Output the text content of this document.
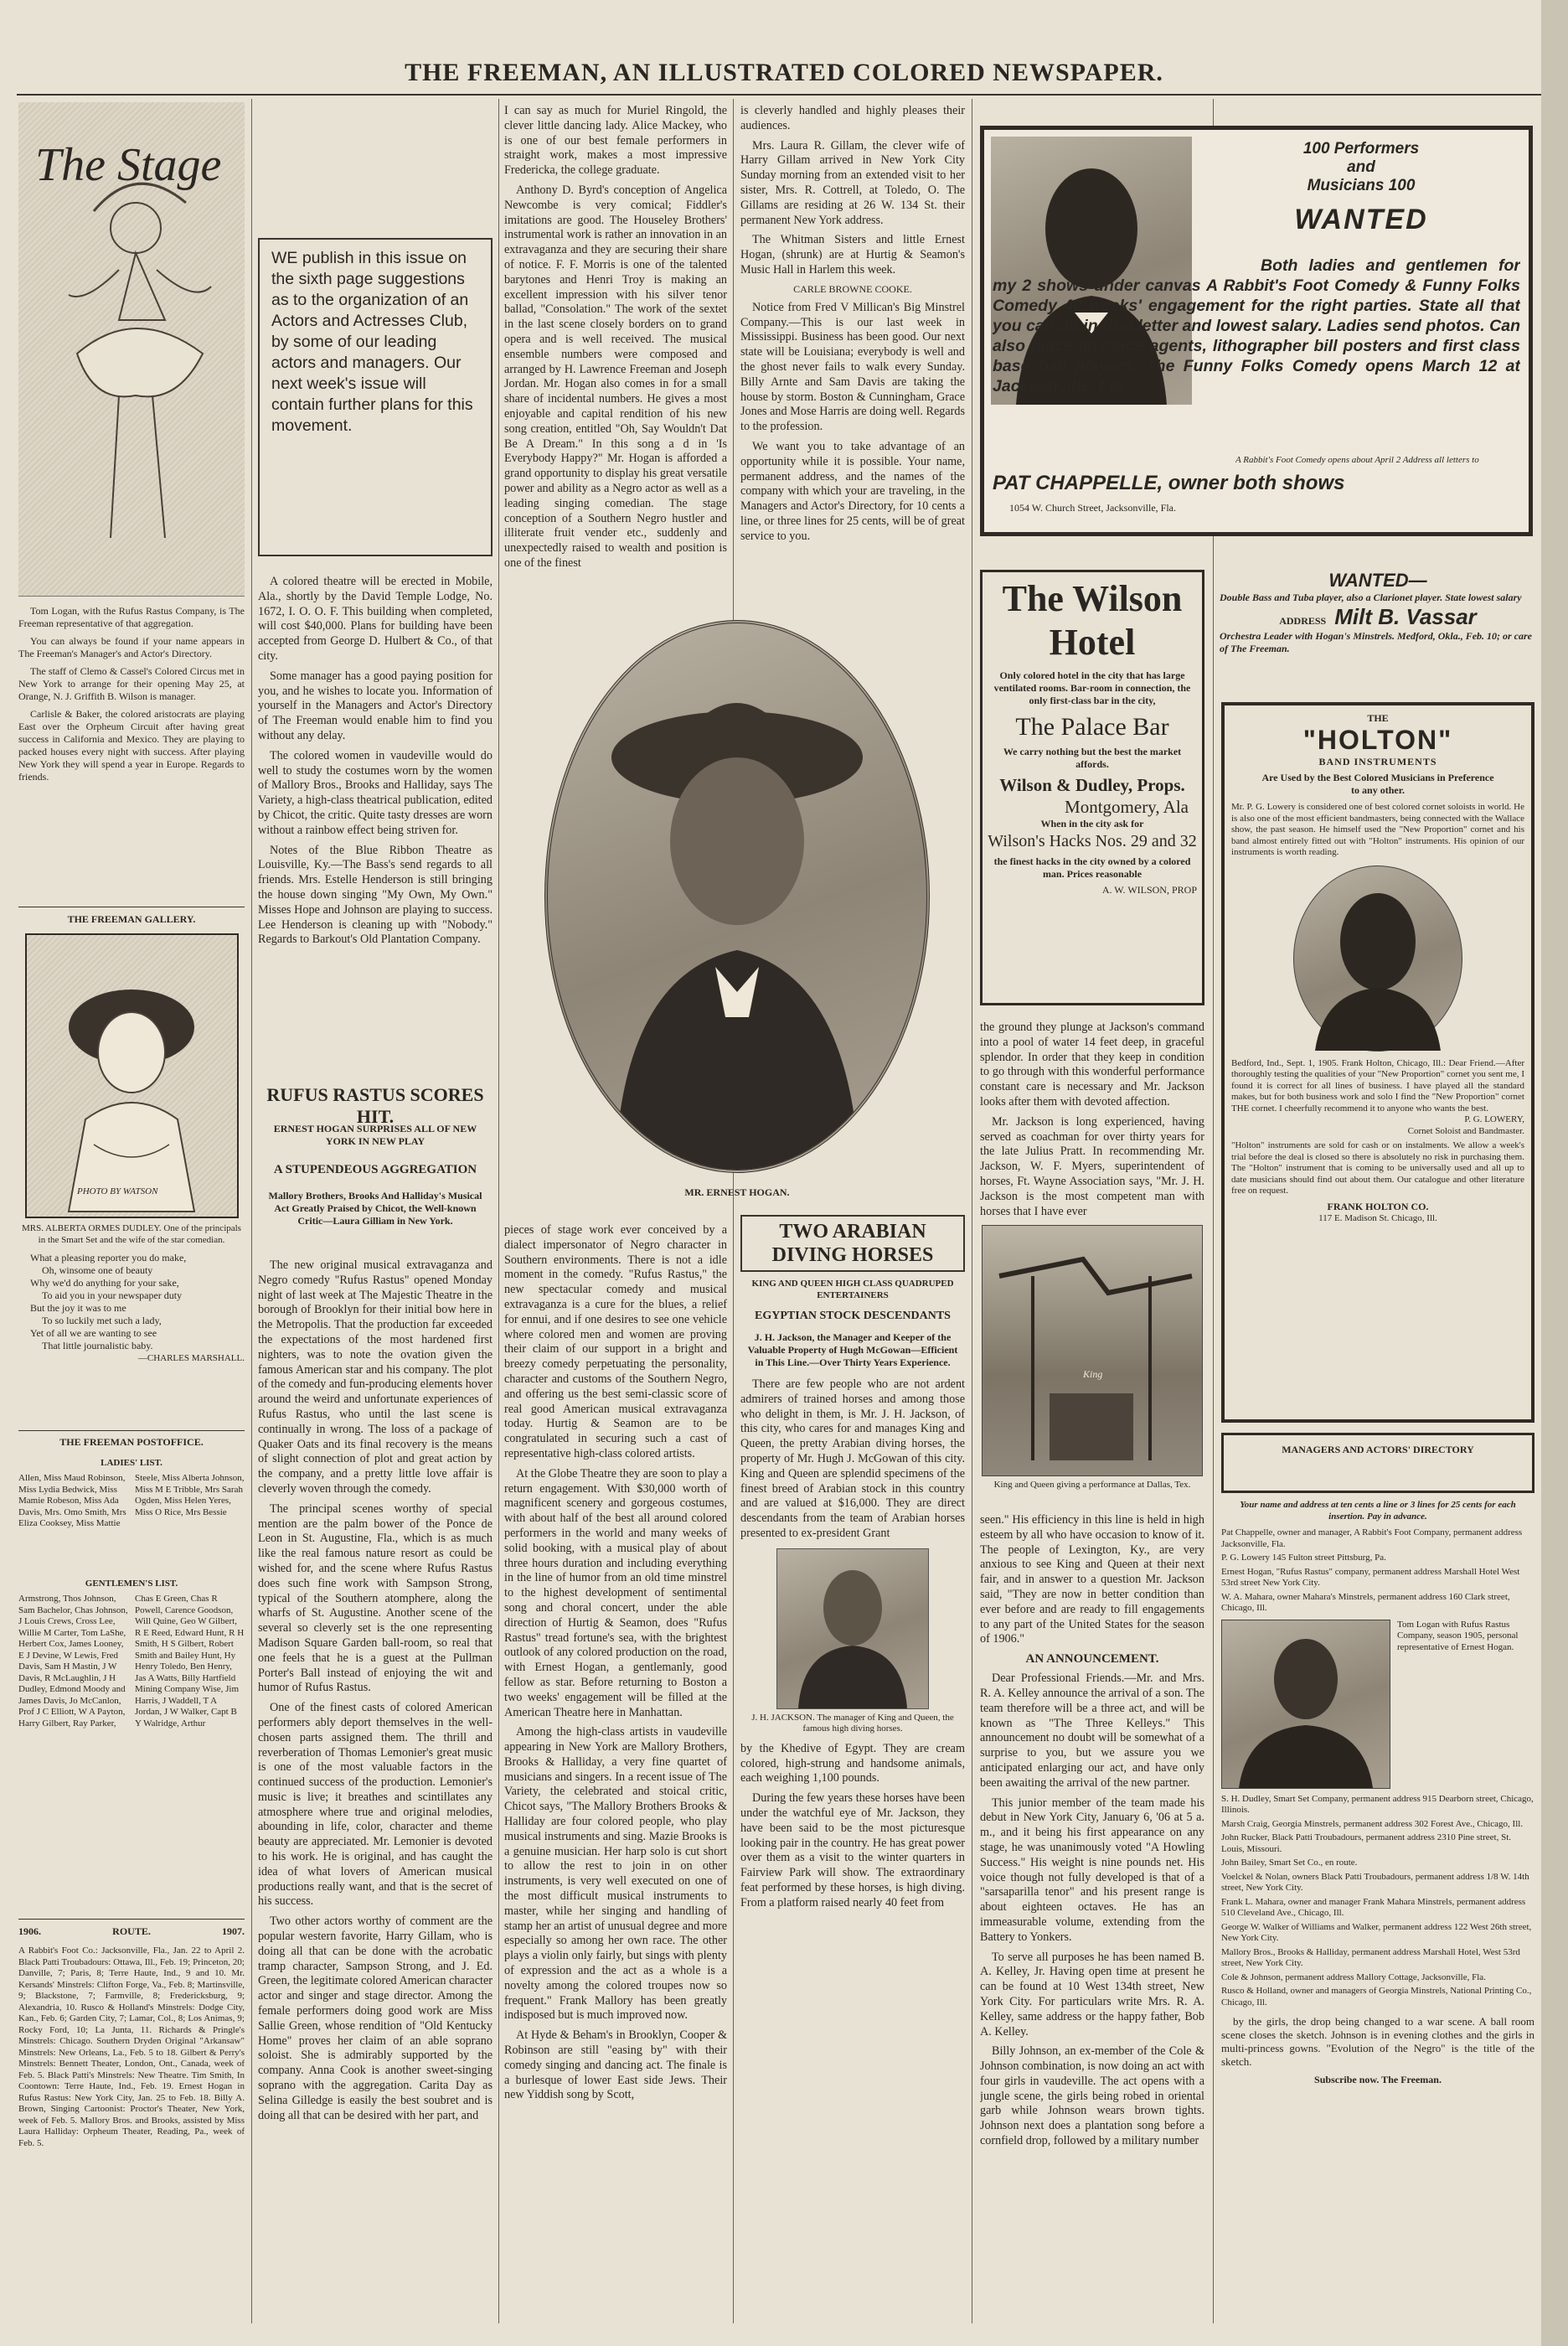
THE FREEMAN, AN ILLUSTRATED COLORED NEWSPAPER.
The Stage

Tom Logan, with the Rufus Rastus Company, is The Freeman representative of that aggregation.

You can always be found if your name appears in The Freeman's Manager's and Actor's Directory.

The staff of Clemo & Cassel's Colored Circus met in New York to arrange for their opening May 25, at Orange, N. J. Griffith B. Wilson is manager.

Carlisle & Baker, the colored aristocrats are playing East over the Orpheum Circuit after having great success in California and Mexico. They are playing to packed houses every night with success. After playing New York they will spend a year in Europe. Regards to friends.

THE FREEMAN GALLERY.
PHOTO BY WATSON
MRS. ALBERTA ORMES DUDLEY. One of the principals in the Smart Set and the wife of the star comedian.
What a pleasing reporter you do make,
Oh, winsome one of beauty
Why we'd do anything for your sake,
To aid you in your newspaper duty
But the joy it was to me
To so luckily met such a lady,
Yet of all we are wanting to see
That little journalistic baby.
—CHARLES MARSHALL.
THE FREEMAN POSTOFFICE.
LADIES' LIST.
Allen, Miss Maud Robinson, Miss Lydia Bedwick, Miss Mamie Robeson, Miss Ada Davis, Mrs. Omo Smith, Mrs Eliza Cooksey, Miss Mattie Steele, Miss Alberta Johnson, Miss M E Tribble, Mrs Sarah Ogden, Miss Helen Yeres, Miss O Rice, Mrs Bessie
GENTLEMEN'S LIST.
Armstrong, Thos Johnson, Sam Bachelor, Chas Johnson, J Louis Crews, Cross Lee, Willie M Carter, Tom LaShe, Herbert Cox, James Looney, E J Devine, W Lewis, Fred Davis, Sam H Mastin, J W Davis, R McLaughlin, J H Dudley, Edmond Moody and James Davis, Jo McCanlon, Prof J C Elliott, W A Payton, Harry Gilbert, Ray Parker, Chas E Green, Chas R Powell, Carence Goodson, Will Quine, Geo W Gilbert, R E Reed, Edward Hunt, R H Smith, H S Gilbert, Robert Smith and Bailey Hunt, Hy Henry Toledo, Ben Henry, Jas A Watts, Billy Hartfield Mining Company Wise, Jim Harris, J Waddell, T A Jordan, J W Walker, Capt B Y Walridge, Arthur
1906.	ROUTE.	1907.
A Rabbit's Foot Co.: Jacksonville, Fla., Jan. 22 to April 2. Black Patti Troubadours: Ottawa, Ill., Feb. 19; Princeton, 20; Danville, 7; Paris, 8; Terre Haute, Ind., 9 and 10. Mr. Kersands' Minstrels: Clifton Forge, Va., Feb. 8; Martinsville, 9; Blackstone, 7; Farmville, 8; Fredericksburg, 9; Alexandria, 10. Rusco & Holland's Minstrels: Dodge City, Kan., Feb. 6; Garden City, 7; Lamar, Col., 8; Los Animas, 9; Rocky Ford, 10; La Junta, 11. Richards & Pringle's Minstrels: Chicago. Southern Dryden Original "Arkansaw" Minstrels: New Orleans, La., Feb. 5 to 18. Gilbert & Perry's Minstrels: Bennett Theater, London, Ont., Canada, week of Feb. 5. Black Patti's Minstrels: New Theatre. Tim Smith, In Coontown: Terre Haute, Ind., Feb. 19. Ernest Hogan in Rufus Rastus: New York City, Jan. 25 to Feb. 18. Billy A. Brown, Singing Cartoonist: Proctor's Theater, New York, week of Feb. 5. Mallory Bros. and Brooks, assisted by Miss Laura Halliday: Orpheum Theater, Reading, Pa., week of Feb. 5.

WE publish in this issue on the sixth page suggestions as to the organization of an Actors and Actresses Club, by some of our leading actors and managers. Our next week's issue will contain further plans for this movement.

A colored theatre will be erected in Mobile, Ala., shortly by the David Temple Lodge, No. 1672, I. O. O. F. This building when completed, will cost $40,000. Plans for building have been accepted from George D. Hulbert & Co., of that city.

Some manager has a good paying position for you, and he wishes to locate you. Information of yourself in the Managers and Actor's Directory of The Freeman would enable him to find you without any delay.

The colored women in vaudeville would do well to study the costumes worn by the women of Mallory Bros., Brooks and Halliday, says The Variety, a high-class theatrical publication, edited by Chicot, the critic. Quite tasty dresses are worn without a rainbow effect being striven for.

Notes of the Blue Ribbon Theatre as Louisville, Ky.—The Bass's send regards to all friends. Mrs. Estelle Henderson is still bringing the house down singing "My Own, My Own." Misses Hope and Johnson are playing to success. Lee Henderson is cleaning up with "Nobody." Regards to Barkout's Old Plantation Company.

RUFUS RASTUS SCORES HIT.
ERNEST HOGAN SURPRISES ALL OF NEW YORK IN NEW PLAY
A STUPENDEOUS AGGREGATION
Mallory Brothers, Brooks And Halliday's Musical Act Greatly Praised by Chicot, the Well-known Critic—Laura Gilliam in New York.

The new original musical extravaganza and Negro comedy "Rufus Rastus" opened Monday night of last week at The Majestic Theatre in the borough of Brooklyn for their initial bow here in the Metropolis. That the production far exceeded the expectations of the most hardened first nighters, was to note the ovation given the famous American star and his company. The plot of the comedy and fun-producing elements hover around the weird and unfortunate experiences of Rufus Rastus, who until the last scene is continually in wrong. The loss of a package of Quaker Oats and its final recovery is the means of slight connection of plot and great action by the company, and a pretty little love affair is cleverly woven through the comedy.

The principal scenes worthy of special mention are the palm bower of the Ponce de Leon in St. Augustine, Fla., which is as much like the real famous nature resort as could be wished for, and the scene where Rufus Rastus does such fine work with Sampson Strong, typical of the Southern atomphere, along the wharfs of St. Augustine. Another scene of the several so cleverly set is the one representing Madison Square Garden ball-room, so real that one feels that he is a guest at the Pullman Porter's Ball instead of enjoying the wit and humor of Rufus Rastus.

One of the finest casts of colored American performers ably deport themselves in the well-chosen parts assigned them. The thrill and reverberation of Thomas Lemonier's great music is one of the most valuable factors in the continued success of the production. Lemonier's music is live; it breathes and scintillates any atmosphere where true and original melodies, abounding in life, color, character and theme beauty are appreciated. Mr. Lemonier is devoted to his work. He is original, and has caught the idea of what lovers of American musical productions really want, and that is the secret of his success.

Two other actors worthy of comment are the popular western favorite, Harry Gillam, who is doing all that can be done with the acrobatic tramp character, Sampson Strong, and J. Ed. Green, the legitimate colored American character actor and singer and stage director. Among the female performers doing good work are Miss Sallie Green, whose rendition of "Old Kentucky Home" proves her claim of an able soprano soloist. She is admirably supported by the company. Anna Cook is another sweet-singing soprano with the aggregation. Carita Day as Selina Gilledge is easily the best soubret and is doing all that can be desired with her part, and

I can say as much for Muriel Ringold, the clever little dancing lady. Alice Mackey, who is one of our best female performers in straight work, makes a most impressive Fredericka, the college graduate.

Anthony D. Byrd's conception of Angelica Newcombe is very comical; Fiddler's imitations are good. The Houseley Brothers' instrumental work is rather an innovation in an extravaganza and they are securing their share of notice. F. F. Morris is one of the talented barytones and Henri Troy is making an excellent impression with his silver tenor ballad, "Consolation." The work of the sextet in the last scene closely borders on to grand opera and is well received. The musical ensemble numbers were composed and arranged by H. Lawrence Freeman and Joseph Jordan. Mr. Hogan also comes in for a small share of incidental numbers. He gives a most enjoyable and capital rendition of his new song creation, entitled "Oh, Say Wouldn't Dat Be A Dream." In this song a d in 'Is Everybody Happy?" Mr. Hogan is afforded a grand opportunity to display his great versatile power and ability as a Negro actor as well as a leading singing comedian. The stage conception of a Southern Negro hustler and illiterate fruit vender etc., suddenly and unexpectedly raised to wealth and position is one of the finest

MR. ERNEST HOGAN.

pieces of stage work ever conceived by a dialect impersonator of Negro character in Southern environments. There is not a idle moment in the comedy. "Rufus Rastus," the new spectacular comedy and musical extravaganza is a cure for the blues, a relief for ennui, and if one desires to see one vehicle where colored men and women are proving their claim of our support in a bright and breezy comedy perpetuating the personality, character and customs of the Southern Negro, and offering us the best semi-classic score of real good American musical extravaganza today. Hurtig & Seamon are to be congratulated in securing such a cast of representative high-class colored artists.

At the Globe Theatre they are soon to play a return engagement. With $30,000 worth of magnificent scenery and gorgeous costumes, with about half of the best all around colored performers in the world and many weeks of solid booking, with a musical play of about three hours duration and including everything in the line of humor from an old time minstrel to the highest development of sentimental song and choral concert, under the able direction of Hurtig & Seamon, does "Rufus Rastus" tread fortune's sea, with the brightest outlook of any colored production on the road, with Ernest Hogan, a gentlemanly, good fellow as star. Before returning to Boston a two weeks' engagement will be filled at the American Theatre here in Manhattan.

Among the high-class artists in vaudeville appearing in New York are Mallory Brothers, Brooks & Halliday, a very fine quartet of musicians and singers. In a recent issue of The Variety, the celebrated and stoical critic, Chicot says, "The Mallory Brothers Brooks & Halliday are four colored people, who play musical instruments and sing. Mazie Brooks is a genuine musician. Her harp solo is cut short to allow the rest to join in on other instruments, is very well executed on one of the most difficult musical instruments to master, while her singing and handling of stamp her an artist of unusual degree and more especially so among her own race. The other plays a violin only fairly, but sings with plenty of expression and the act as a whole is a novelty among the colored troupes now so frequent." Frank Mallory has been greatly indisposed but is much improved now.

At Hyde & Beham's in Brooklyn, Cooper & Robinson are still "easing by" with their comedy singing and dancing act. The finale is a burlesque of lower East side Jews. Their new Yiddish song by Scott,

is cleverly handled and highly pleases their audiences.

Mrs. Laura R. Gillam, the clever wife of Harry Gillam arrived in New York City Sunday morning from an extended visit to her sister, Mrs. R. Cottrell, at Toledo, O. The Gillams are residing at 26 W. 134 St. their permanent New York address.

The Whitman Sisters and little Ernest Hogan, (shrunk) are at Hurtig & Seamon's Music Hall in Harlem this week.

CARLE BROWNE COOKE.

Notice from Fred V Millican's Big Minstrel Company.—This is our last week in Mississippi. Business has been good. Our next state will be Louisiana; everybody is well and the ghost never fails to walk every Sunday. Billy Arnte and Sam Davis are taking the house by storm. Boston & Cunningham, Grace Jones and Mose Harris are doing well. Regards to the profession.

We want you to take advantage of an opportunity while it is possible. Your name, permanent address, and the names of the company with which your are traveling, in the Managers and Actor's Directory, for 10 cents a line, or three lines for 25 cents, will be of great service to you.

TWO ARABIAN DIVING HORSES
KING AND QUEEN HIGH CLASS QUADRUPED ENTERTAINERS
EGYPTIAN STOCK DESCENDANTS
J. H. Jackson, the Manager and Keeper of the Valuable Property of Hugh McGowan—Efficient in This Line.—Over Thirty Years Experience.

There are few people who are not ardent admirers of trained horses and among those who delight in them, is Mr. J. H. Jackson, of this city, who cares for and manages King and Queen, the pretty Arabian diving horses, the property of Mr. Hugh J. McGowan of this city. King and Queen are splendid specimens of the finest breed of Arabian stock in this country and are valued at $16,000. They are direct descendants from the team of Arabian horses presented to ex-president Grant

J. H. JACKSON. The manager of King and Queen, the famous high diving horses.

by the Khedive of Egypt. They are cream colored, high-strung and handsome animals, each weighing 1,100 pounds.

During the few years these horses have been under the watchful eye of Mr. Jackson, they have been said to be the most picturesque looking pair in the country. He has great power over them as a visit to the winter quarters in Fairview Park will show. The extraordinary feat performed by these horses, is high diving. From a platform raised nearly 40 feet from

100 Performers
and
Musicians 100
WANTED
Both ladies and gentlemen for my 2 shows under canvas A Rabbit's Foot Comedy & Funny Folks Comedy 40 weeks' engagement for the right parties. State all that you can do in first letter and lowest salary. Ladies send photos. Can also place advance agents, lithographer bill posters and first class base ball players. The Funny Folks Comedy opens March 12 at Jacksonville, Fla.
A Rabbit's Foot Comedy opens about April 2 Address all letters to
PAT CHAPPELLE, owner both shows
1054 W. Church Street, Jacksonville, Fla.
The Wilson Hotel
Only colored hotel in the city that has large ventilated rooms. Bar-room in connection, the only first-class bar in the city,
The Palace Bar
We carry nothing but the best the market affords.
Wilson & Dudley, Props.
Montgomery, Ala
When in the city ask for
Wilson's Hacks Nos. 29 and 32
the finest hacks in the city owned by a colored man. Prices reasonable
A. W. WILSON, PROP

the ground they plunge at Jackson's command into a pool of water 14 feet deep, in graceful splendor. In order that they keep in condition to go through with this wonderful performance constant care is necessary and Mr. Jackson looks after them with devoted affection.

Mr. Jackson is long experienced, having served as coachman for over thirty years for the late Julius Pratt. In recommending Mr. Jackson, W. F. Myers, superintendent of horses, Ft. Wayne Association says, "Mr. J. H. Jackson is the most competent man with horses that I have ever

King
King and Queen giving a performance at Dallas, Tex.

seen." His efficiency in this line is held in high esteem by all who have occasion to know of it. The people of Lexington, Ky., are very anxious to see King and Queen at their next fair, and in answer to a question Mr. Jackson said, "They are now in better condition than ever before and are ready to fill engagements to any part of the United States for the season of 1906."

AN ANNOUNCEMENT.

Dear Professional Friends.—Mr. and Mrs. R. A. Kelley announce the arrival of a son. The team therefore will be a three act, and will be known as "The Three Kelleys." This announcement no doubt will be somewhat of a surprise to you, but we assure you we anticipated enlarging our act, and have only been awaiting the arrival of the new partner.

This junior member of the team made his debut in New York City, January 6, '06 at 5 a. m., and it being his first appearance on any stage, he was unanimously voted "A Howling Success." His weight is nine pounds net. His voice though not fully developed is that of a "sarsaparilla tenor" and his present range is about eighteen octaves. He has an immeasurable volume, extending from the Battery to Yonkers.

To serve all purposes he has been named B. A. Kelley, Jr. Having open time at present he can be found at 10 West 134th street, New York City. For particulars write Mrs. R. A. Kelley, same address or the happy father, Bob A. Kelley.

Billy Johnson, an ex-member of the Cole & Johnson combination, is now doing an act with four girls in vaudeville. The act opens with a jungle scene, the girls being robed in oriental garb while Johnson wears brown tights. Johnson next does a plantation song before a cornfield drop, followed by a military number

WANTED—
Double Bass and Tuba player, also a Clarionet player. State lowest salary
ADDRESS Milt B. Vassar
Orchestra Leader with Hogan's Minstrels. Medford, Okla., Feb. 10; or care of The Freeman.
THE
"HOLTON"
BAND INSTRUMENTS
Are Used by the Best Colored Musicians in Preference to any other.
Mr. P. G. Lowery is considered one of best colored cornet soloists in world. He is also one of the most efficient bandmasters, being connected with the Wallace show, the past season. He himself used the "New Proportion" cornet and his band almost entirely fitted out with "Holton" instruments. His opinion of our instruments is worth reading.
Bedford, Ind., Sept. 1, 1905. Frank Holton, Chicago, Ill.: Dear Friend.—After thoroughly testing the qualities of your "New Proportion" cornet you sent me, I found it is correct for all lines of business. I have played all the standard makes, but for both business work and solo I find the "New Proportion" cornet THE cornet. I cheerfully recommend it to anyone who wants the best.
P. G. LOWERY,
Cornet Soloist and Bandmaster.
"Holton" instruments are sold for cash or on instalments. We allow a week's trial before the deal is closed so there is absolutely no risk in purchasing them. The "Holton" instrument that is coming to be universally used and all up to date musicians should find out about them. Our catalogue and other literature free on request.
FRANK HOLTON CO.
117 E. Madison St. Chicago, Ill.
MANAGERS AND ACTORS' DIRECTORY
Your name and address at ten cents a line or 3 lines for 25 cents for each insertion. Pay in advance.
Pat Chappelle, owner and manager, A Rabbit's Foot Company, permanent address Jacksonville, Fla.
P. G. Lowery 145 Fulton street Pittsburg, Pa.
Ernest Hogan, "Rufus Rastus" company, permanent address Marshall Hotel West 53rd street New York City.
W. A. Mahara, owner Mahara's Minstrels, permanent address 160 Clark street, Chicago, Ill.
Tom Logan with Rufus Rastus Company, season 1905, personal representative of Ernest Hogan.
S. H. Dudley, Smart Set Company, permanent address 915 Dearborn street, Chicago, Illinois.
Marsh Craig, Georgia Minstrels, permanent address 302 Forest Ave., Chicago, Ill.
John Rucker, Black Patti Troubadours, permanent address 2310 Pine street, St. Louis, Missouri.
John Bailey, Smart Set Co., en route.
Voelckel & Nolan, owners Black Patti Troubadours, permanent address 1/8 W. 14th street, New York City.
Frank L. Mahara, owner and manager Frank Mahara Minstrels, permanent address 510 Cleveland Ave., Chicago, Ill.
George W. Walker of Williams and Walker, permanent address 122 West 26th street, New York City.
Mallory Bros., Brooks & Halliday, permanent address Marshall Hotel, West 53rd street, New York City.
Cole & Johnson, permanent address Mallory Cottage, Jacksonville, Fla.
Rusco & Holland, owner and managers of Georgia Minstrels, National Printing Co., Chicago, Ill.

by the girls, the drop being changed to a war scene. A ball room scene closes the sketch. Johnson is in evening clothes and the girls in multi-princess gowns. "Evolution of the Negro" is the title of the sketch.

Subscribe now. The Freeman.
